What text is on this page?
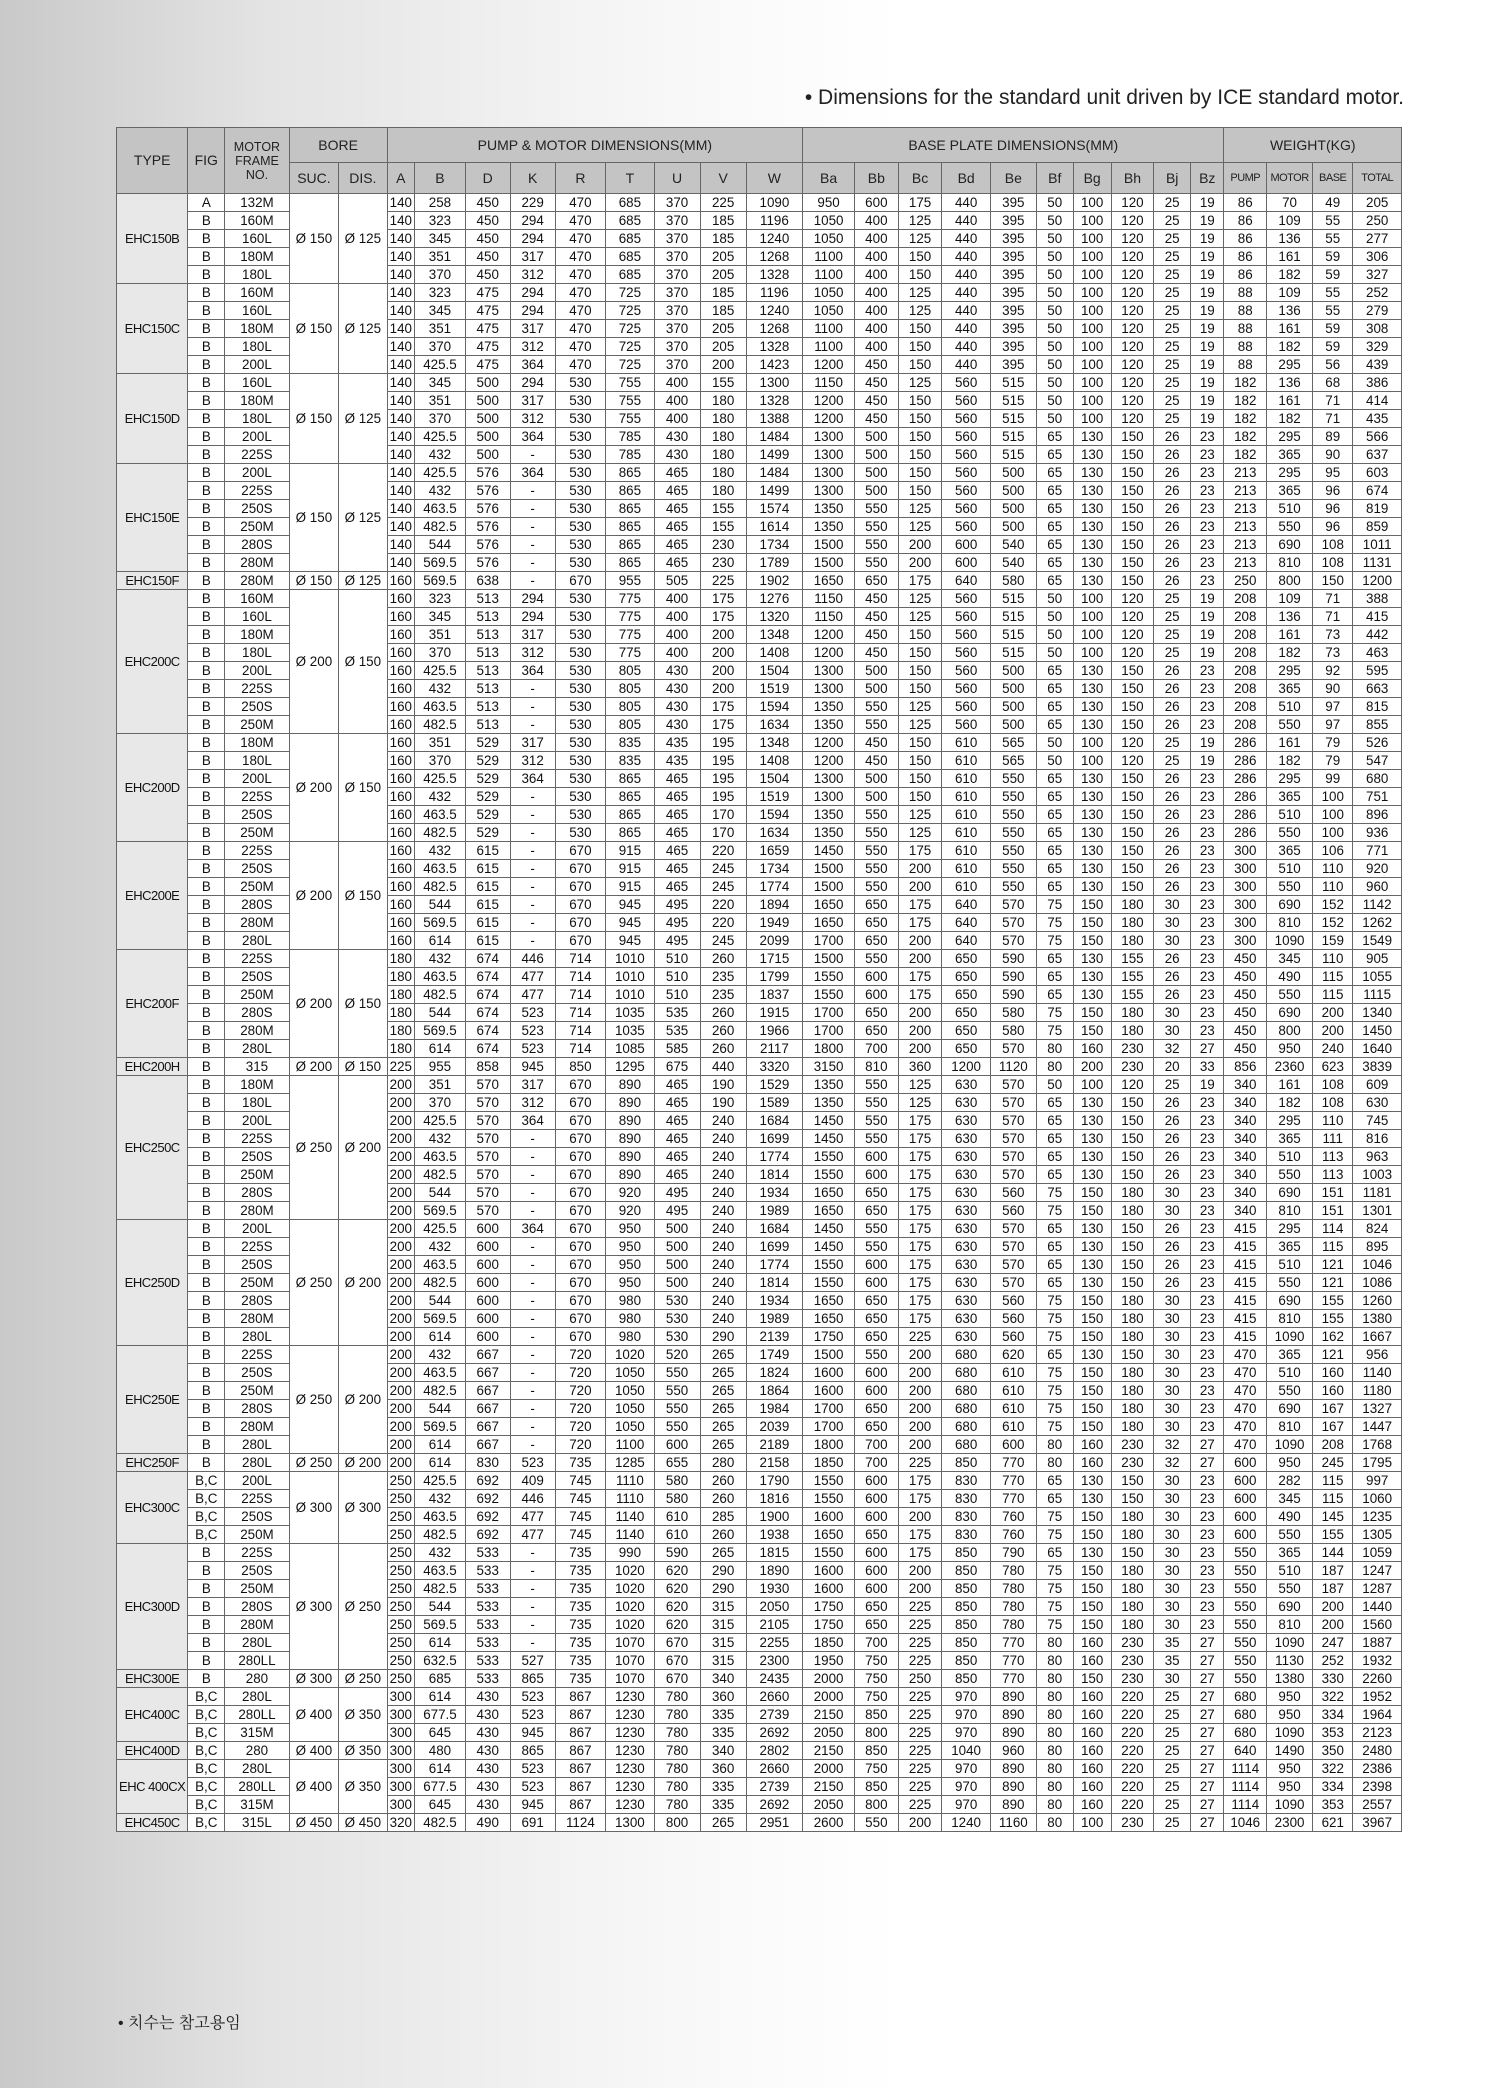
• Dimensions for the standard unit driven by ICE standard motor.
TYPE	FIG	MOTOR FRAME NO.	BORE		PUMP & MOTOR DIMENSIONS(MM)									BASE PLATE DIMENSIONS(MM)										WEIGHT(KG)			
			SUC.	DIS.	A	B	D	K	R	T	U	V	W	Ba	Bb	Bc	Bd	Be	Bf	Bg	Bh	Bj	Bz	PUMP	MOTOR	BASE	TOTAL
EHC150B	A	132M	Ø 150	Ø 125	140	258	450	229	470	685	370	225	1090	950	600	175	440	395	50	100	120	25	19	86	70	49	205
	B	160M			140	323	450	294	470	685	370	185	1196	1050	400	125	440	395	50	100	120	25	19	86	109	55	250
	B	160L			140	345	450	294	470	685	370	185	1240	1050	400	125	440	395	50	100	120	25	19	86	136	55	277
	B	180M			140	351	450	317	470	685	370	205	1268	1100	400	150	440	395	50	100	120	25	19	86	161	59	306
	B	180L			140	370	450	312	470	685	370	205	1328	1100	400	150	440	395	50	100	120	25	19	86	182	59	327
EHC150C	B	160M	Ø 150	Ø 125	140	323	475	294	470	725	370	185	1196	1050	400	125	440	395	50	100	120	25	19	88	109	55	252
	B	160L			140	345	475	294	470	725	370	185	1240	1050	400	125	440	395	50	100	120	25	19	88	136	55	279
	B	180M			140	351	475	317	470	725	370	205	1268	1100	400	150	440	395	50	100	120	25	19	88	161	59	308
	B	180L			140	370	475	312	470	725	370	205	1328	1100	400	150	440	395	50	100	120	25	19	88	182	59	329
	B	200L			140	425.5	475	364	470	725	370	200	1423	1200	450	150	440	395	50	100	120	25	19	88	295	56	439
EHC150D	B	160L	Ø 150	Ø 125	140	345	500	294	530	755	400	155	1300	1150	450	125	560	515	50	100	120	25	19	182	136	68	386
	B	180M			140	351	500	317	530	755	400	180	1328	1200	450	150	560	515	50	100	120	25	19	182	161	71	414
	B	180L			140	370	500	312	530	755	400	180	1388	1200	450	150	560	515	50	100	120	25	19	182	182	71	435
	B	200L			140	425.5	500	364	530	785	430	180	1484	1300	500	150	560	515	65	130	150	26	23	182	295	89	566
	B	225S			140	432	500	-	530	785	430	180	1499	1300	500	150	560	515	65	130	150	26	23	182	365	90	637
EHC150E	B	200L	Ø 150	Ø 125	140	425.5	576	364	530	865	465	180	1484	1300	500	150	560	500	65	130	150	26	23	213	295	95	603
	B	225S			140	432	576	-	530	865	465	180	1499	1300	500	150	560	500	65	130	150	26	23	213	365	96	674
	B	250S			140	463.5	576	-	530	865	465	155	1574	1350	550	125	560	500	65	130	150	26	23	213	510	96	819
	B	250M			140	482.5	576	-	530	865	465	155	1614	1350	550	125	560	500	65	130	150	26	23	213	550	96	859
	B	280S			140	544	576	-	530	865	465	230	1734	1500	550	200	600	540	65	130	150	26	23	213	690	108	1011
	B	280M			140	569.5	576	-	530	865	465	230	1789	1500	550	200	600	540	65	130	150	26	23	213	810	108	1131
EHC150F	B	280M	Ø 150	Ø 125	160	569.5	638	-	670	955	505	225	1902	1650	650	175	640	580	65	130	150	26	23	250	800	150	1200
EHC200C	B	160M	Ø 200	Ø 150	160	323	513	294	530	775	400	175	1276	1150	450	125	560	515	50	100	120	25	19	208	109	71	388
	B	160L			160	345	513	294	530	775	400	175	1320	1150	450	125	560	515	50	100	120	25	19	208	136	71	415
	B	180M			160	351	513	317	530	775	400	200	1348	1200	450	150	560	515	50	100	120	25	19	208	161	73	442
	B	180L			160	370	513	312	530	775	400	200	1408	1200	450	150	560	515	50	100	120	25	19	208	182	73	463
	B	200L			160	425.5	513	364	530	805	430	200	1504	1300	500	150	560	500	65	130	150	26	23	208	295	92	595
	B	225S			160	432	513	-	530	805	430	200	1519	1300	500	150	560	500	65	130	150	26	23	208	365	90	663
	B	250S			160	463.5	513	-	530	805	430	175	1594	1350	550	125	560	500	65	130	150	26	23	208	510	97	815
	B	250M			160	482.5	513	-	530	805	430	175	1634	1350	550	125	560	500	65	130	150	26	23	208	550	97	855
EHC200D	B	180M	Ø 200	Ø 150	160	351	529	317	530	835	435	195	1348	1200	450	150	610	565	50	100	120	25	19	286	161	79	526
	B	180L			160	370	529	312	530	835	435	195	1408	1200	450	150	610	565	50	100	120	25	19	286	182	79	547
	B	200L			160	425.5	529	364	530	865	465	195	1504	1300	500	150	610	550	65	130	150	26	23	286	295	99	680
	B	225S			160	432	529	-	530	865	465	195	1519	1300	500	150	610	550	65	130	150	26	23	286	365	100	751
	B	250S			160	463.5	529	-	530	865	465	170	1594	1350	550	125	610	550	65	130	150	26	23	286	510	100	896
	B	250M			160	482.5	529	-	530	865	465	170	1634	1350	550	125	610	550	65	130	150	26	23	286	550	100	936
EHC200E	B	225S	Ø 200	Ø 150	160	432	615	-	670	915	465	220	1659	1450	550	175	610	550	65	130	150	26	23	300	365	106	771
	B	250S			160	463.5	615	-	670	915	465	245	1734	1500	550	200	610	550	65	130	150	26	23	300	510	110	920
	B	250M			160	482.5	615	-	670	915	465	245	1774	1500	550	200	610	550	65	130	150	26	23	300	550	110	960
	B	280S			160	544	615	-	670	945	495	220	1894	1650	650	175	640	570	75	150	180	30	23	300	690	152	1142
	B	280M			160	569.5	615	-	670	945	495	220	1949	1650	650	175	640	570	75	150	180	30	23	300	810	152	1262
	B	280L			160	614	615	-	670	945	495	245	2099	1700	650	200	640	570	75	150	180	30	23	300	1090	159	1549
EHC200F	B	225S	Ø 200	Ø 150	180	432	674	446	714	1010	510	260	1715	1500	550	200	650	590	65	130	155	26	23	450	345	110	905
	B	250S			180	463.5	674	477	714	1010	510	235	1799	1550	600	175	650	590	65	130	155	26	23	450	490	115	1055
	B	250M			180	482.5	674	477	714	1010	510	235	1837	1550	600	175	650	590	65	130	155	26	23	450	550	115	1115
	B	280S			180	544	674	523	714	1035	535	260	1915	1700	650	200	650	580	75	150	180	30	23	450	690	200	1340
	B	280M			180	569.5	674	523	714	1035	535	260	1966	1700	650	200	650	580	75	150	180	30	23	450	800	200	1450
	B	280L			180	614	674	523	714	1085	585	260	2117	1800	700	200	650	570	80	160	230	32	27	450	950	240	1640
EHC200H	B	315	Ø 200	Ø 150	225	955	858	945	850	1295	675	440	3320	3150	810	360	1200	1120	80	200	230	20	33	856	2360	623	3839
EHC250C	B	180M	Ø 250	Ø 200	200	351	570	317	670	890	465	190	1529	1350	550	125	630	570	50	100	120	25	19	340	161	108	609
	B	180L			200	370	570	312	670	890	465	190	1589	1350	550	125	630	570	65	130	150	26	23	340	182	108	630
	B	200L			200	425.5	570	364	670	890	465	240	1684	1450	550	175	630	570	65	130	150	26	23	340	295	110	745
	B	225S			200	432	570	-	670	890	465	240	1699	1450	550	175	630	570	65	130	150	26	23	340	365	111	816
	B	250S			200	463.5	570	-	670	890	465	240	1774	1550	600	175	630	570	65	130	150	26	23	340	510	113	963
	B	250M			200	482.5	570	-	670	890	465	240	1814	1550	600	175	630	570	65	130	150	26	23	340	550	113	1003
	B	280S			200	544	570	-	670	920	495	240	1934	1650	650	175	630	560	75	150	180	30	23	340	690	151	1181
	B	280M			200	569.5	570	-	670	920	495	240	1989	1650	650	175	630	560	75	150	180	30	23	340	810	151	1301
EHC250D	B	200L	Ø 250	Ø 200	200	425.5	600	364	670	950	500	240	1684	1450	550	175	630	570	65	130	150	26	23	415	295	114	824
	B	225S			200	432	600	-	670	950	500	240	1699	1450	550	175	630	570	65	130	150	26	23	415	365	115	895
	B	250S			200	463.5	600	-	670	950	500	240	1774	1550	600	175	630	570	65	130	150	26	23	415	510	121	1046
	B	250M			200	482.5	600	-	670	950	500	240	1814	1550	600	175	630	570	65	130	150	26	23	415	550	121	1086
	B	280S			200	544	600	-	670	980	530	240	1934	1650	650	175	630	560	75	150	180	30	23	415	690	155	1260
	B	280M			200	569.5	600	-	670	980	530	240	1989	1650	650	175	630	560	75	150	180	30	23	415	810	155	1380
	B	280L			200	614	600	-	670	980	530	290	2139	1750	650	225	630	560	75	150	180	30	23	415	1090	162	1667
EHC250E	B	225S	Ø 250	Ø 200	200	432	667	-	720	1020	520	265	1749	1500	550	200	680	620	65	130	150	30	23	470	365	121	956
	B	250S			200	463.5	667	-	720	1050	550	265	1824	1600	600	200	680	610	75	150	180	30	23	470	510	160	1140
	B	250M			200	482.5	667	-	720	1050	550	265	1864	1600	600	200	680	610	75	150	180	30	23	470	550	160	1180
	B	280S			200	544	667	-	720	1050	550	265	1984	1700	650	200	680	610	75	150	180	30	23	470	690	167	1327
	B	280M			200	569.5	667	-	720	1050	550	265	2039	1700	650	200	680	610	75	150	180	30	23	470	810	167	1447
	B	280L			200	614	667	-	720	1100	600	265	2189	1800	700	200	680	600	80	160	230	32	27	470	1090	208	1768
EHC250F	B	280L	Ø 250	Ø 200	200	614	830	523	735	1285	655	280	2158	1850	700	225	850	770	80	160	230	32	27	600	950	245	1795
EHC300C	B,C	200L	Ø 300	Ø 300	250	425.5	692	409	745	1110	580	260	1790	1550	600	175	830	770	65	130	150	30	23	600	282	115	997
	B,C	225S			250	432	692	446	745	1110	580	260	1816	1550	600	175	830	770	65	130	150	30	23	600	345	115	1060
	B,C	250S			250	463.5	692	477	745	1140	610	285	1900	1600	600	200	830	760	75	150	180	30	23	600	490	145	1235
	B,C	250M			250	482.5	692	477	745	1140	610	260	1938	1650	650	175	830	760	75	150	180	30	23	600	550	155	1305
EHC300D	B	225S	Ø 300	Ø 250	250	432	533	-	735	990	590	265	1815	1550	600	175	850	790	65	130	150	30	23	550	365	144	1059
	B	250S			250	463.5	533	-	735	1020	620	290	1890	1600	600	200	850	780	75	150	180	30	23	550	510	187	1247
	B	250M			250	482.5	533	-	735	1020	620	290	1930	1600	600	200	850	780	75	150	180	30	23	550	550	187	1287
	B	280S			250	544	533	-	735	1020	620	315	2050	1750	650	225	850	780	75	150	180	30	23	550	690	200	1440
	B	280M			250	569.5	533	-	735	1020	620	315	2105	1750	650	225	850	780	75	150	180	30	23	550	810	200	1560
	B	280L			250	614	533	-	735	1070	670	315	2255	1850	700	225	850	770	80	160	230	35	27	550	1090	247	1887
	B	280LL			250	632.5	533	527	735	1070	670	315	2300	1950	750	225	850	770	80	160	230	35	27	550	1130	252	1932
EHC300E	B	280	Ø 300	Ø 250	250	685	533	865	735	1070	670	340	2435	2000	750	250	850	770	80	150	230	30	27	550	1380	330	2260
EHC400C	B,C	280L	Ø 400	Ø 350	300	614	430	523	867	1230	780	360	2660	2000	750	225	970	890	80	160	220	25	27	680	950	322	1952
	B,C	280LL			300	677.5	430	523	867	1230	780	335	2739	2150	850	225	970	890	80	160	220	25	27	680	950	334	1964
	B,C	315M			300	645	430	945	867	1230	780	335	2692	2050	800	225	970	890	80	160	220	25	27	680	1090	353	2123
EHC400D	B,C	280	Ø 400	Ø 350	300	480	430	865	867	1230	780	340	2802	2150	850	225	1040	960	80	160	220	25	27	640	1490	350	2480
EHC 400CX	B,C	280L	Ø 400	Ø 350	300	614	430	523	867	1230	780	360	2660	2000	750	225	970	890	80	160	220	25	27	1114	950	322	2386
	B,C	280LL			300	677.5	430	523	867	1230	780	335	2739	2150	850	225	970	890	80	160	220	25	27	1114	950	334	2398
	B,C	315M			300	645	430	945	867	1230	780	335	2692	2050	800	225	970	890	80	160	220	25	27	1114	1090	353	2557
EHC450C	B,C	315L	Ø 450	Ø 450	320	482.5	490	691	1124	1300	800	265	2951	2600	550	200	1240	1160	80	100	230	25	27	1046	2300	621	3967
• 치수는 참고용임
